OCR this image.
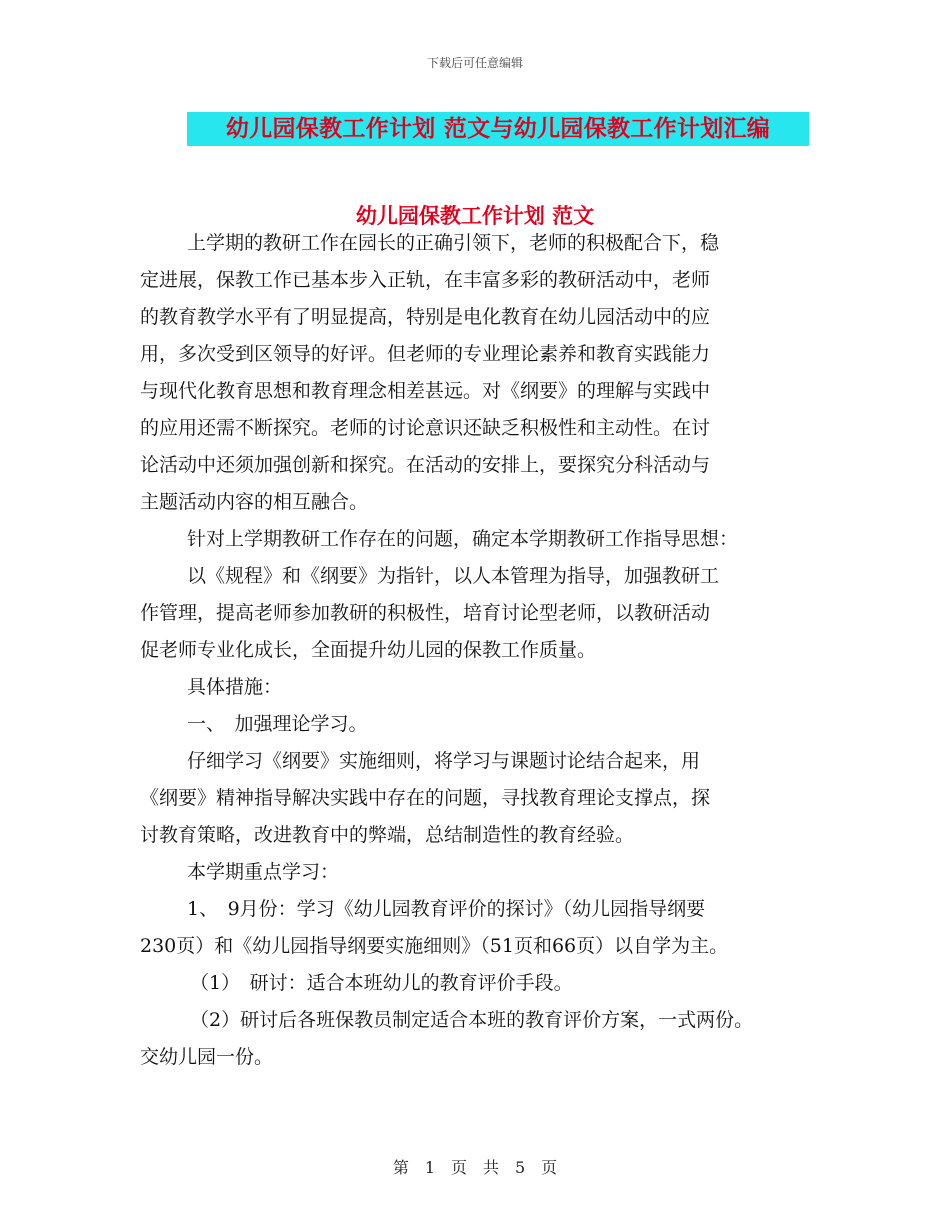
下载后可任意编辑
幼儿园保教工作计划 范文与幼儿园保教工作计划汇编
幼儿园保教工作计划 范文
上学期的教研工作在园长的正确引领下，老师的积极配合下，稳
定进展，保教工作已基本步入正轨，在丰富多彩的教研活动中，老师
的教育教学水平有了明显提高，特别是电化教育在幼儿园活动中的应
用，多次受到区领导的好评。但老师的专业理论素养和教育实践能力
与现代化教育思想和教育理念相差甚远。对《纲要》的理解与实践中
的应用还需不断探究。老师的讨论意识还缺乏积极性和主动性。在讨
论活动中还须加强创新和探究。在活动的安排上，要探究分科活动与
主题活动内容的相互融合。
针对上学期教研工作存在的问题，确定本学期教研工作指导思想：
以《规程》和《纲要》为指针，以人本管理为指导，加强教研工
作管理，提高老师参加教研的积极性，培育讨论型老师，以教研活动
促老师专业化成长，全面提升幼儿园的保教工作质量。
具体措施：
一、　加强理论学习。
仔细学习《纲要》实施细则，将学习与课题讨论结合起来，用
《纲要》精神指导解决实践中存在的问题，寻找教育理论支撑点，探
讨教育策略，改进教育中的弊端，总结制造性的教育经验。
本学期重点学习：
1、　9月份：学习《幼儿园教育评价的探讨》（幼儿园指导纲要
230页）和《幼儿园指导纲要实施细则》（51页和66页）以自学为主。
（1）　研讨：适合本班幼儿的教育评价手段。
（2）研讨后各班保教员制定适合本班的教育评价方案，一式两份。
交幼儿园一份。
第　1　页　共　5　页
